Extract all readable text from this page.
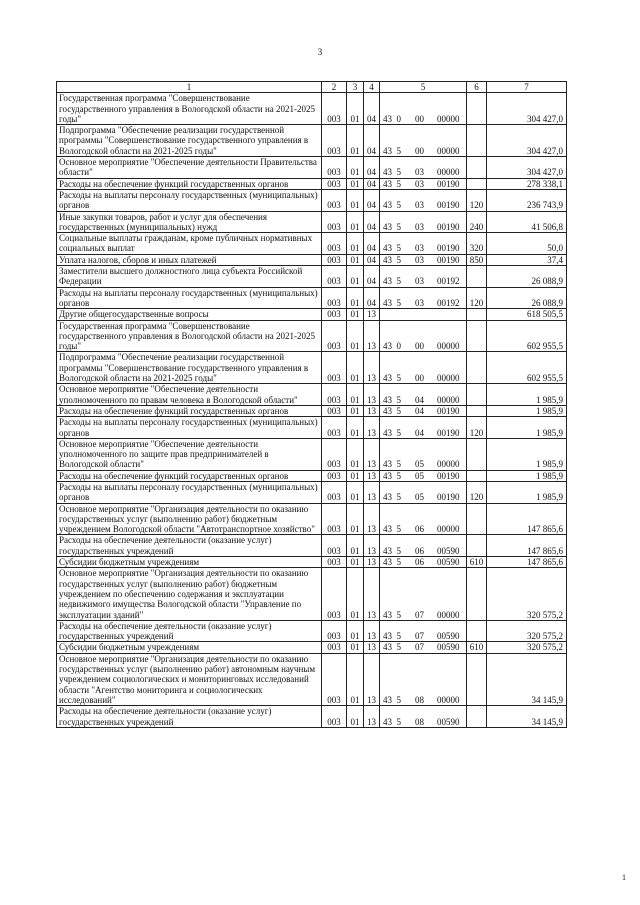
3
1	2	3	4	5				6	7
Государственная программа "Совершенствование государственного управления в Вологодской области на 2021-2025 годы"	003	01	04	43	0	00	00000		304 427,0
Подпрограмма "Обеспечение реализации государственной программы "Совершенствование государственного управления в Вологодской области на 2021-2025 годы"	003	01	04	43	5	00	00000		304 427,0
Основное мероприятие "Обеспечение деятельности Правительства области"	003	01	04	43	5	03	00000		304 427,0
Расходы на обеспечение функций государственных органов	003	01	04	43	5	03	00190		278 338,1
Расходы на выплаты персоналу государственных (муниципальных) органов	003	01	04	43	5	03	00190	120	236 743,9
Иные закупки товаров, работ и услуг для обеспечения государственных (муниципальных) нужд	003	01	04	43	5	03	00190	240	41 506,8
Социальные выплаты гражданам, кроме публичных нормативных социальных выплат	003	01	04	43	5	03	00190	320	50,0
Уплата налогов, сборов и иных платежей	003	01	04	43	5	03	00190	850	37,4
Заместители высшего должностного лица субъекта Российской Федерации	003	01	04	43	5	03	00192		26 088,9
Расходы на выплаты персоналу государственных (муниципальных) органов	003	01	04	43	5	03	00192	120	26 088,9
Другие общегосударственные вопросы	003	01	13						618 505,5
Государственная программа "Совершенствование государственного управления в Вологодской области на 2021-2025 годы"	003	01	13	43	0	00	00000		602 955,5
Подпрограмма "Обеспечение реализации государственной программы "Совершенствование государственного управления в Вологодской области на 2021-2025 годы"	003	01	13	43	5	00	00000		602 955,5
Основное мероприятие "Обеспечение деятельности уполномоченного по правам человека в Вологодской области"	003	01	13	43	5	04	00000		1 985,9
Расходы на обеспечение функций государственных органов	003	01	13	43	5	04	00190		1 985,9
Расходы на выплаты персоналу государственных (муниципальных) органов	003	01	13	43	5	04	00190	120	1 985,9
Основное мероприятие "Обеспечение деятельности уполномоченного по защите прав предпринимателей в Вологодской области"	003	01	13	43	5	05	00000		1 985,9
Расходы на обеспечение функций государственных органов	003	01	13	43	5	05	00190		1 985,9
Расходы на выплаты персоналу государственных (муниципальных) органов	003	01	13	43	5	05	00190	120	1 985,9
Основное мероприятие "Организация деятельности по оказанию государственных услуг (выполнению работ) бюджетным учреждением Вологодской области "Автотранспортное хозяйство"	003	01	13	43	5	06	00000		147 865,6
Расходы на обеспечение деятельности (оказание услуг) государственных учреждений	003	01	13	43	5	06	00590		147 865,6
Субсидии бюджетным учреждениям	003	01	13	43	5	06	00590	610	147 865,6
Основное мероприятие "Организация деятельности по оказанию государственных услуг (выполнению работ) бюджетным учреждением по обеспечению содержания и эксплуатации недвижимого имущества Вологодской области "Управление по эксплуатации зданий"	003	01	13	43	5	07	00000		320 575,2
Расходы на обеспечение деятельности (оказание услуг) государственных учреждений	003	01	13	43	5	07	00590		320 575,2
Субсидии бюджетным учреждениям	003	01	13	43	5	07	00590	610	320 575,2
Основное мероприятие "Организация деятельности по оказанию государственных услуг (выполнению работ) автономным научным учреждением социологических и мониторинговых исследований области "Агентство мониторинга и социологических исследований"	003	01	13	43	5	08	00000		34 145,9
Расходы на обеспечение деятельности (оказание услуг) государственных учреждений	003	01	13	43	5	08	00590		34 145,9
1
